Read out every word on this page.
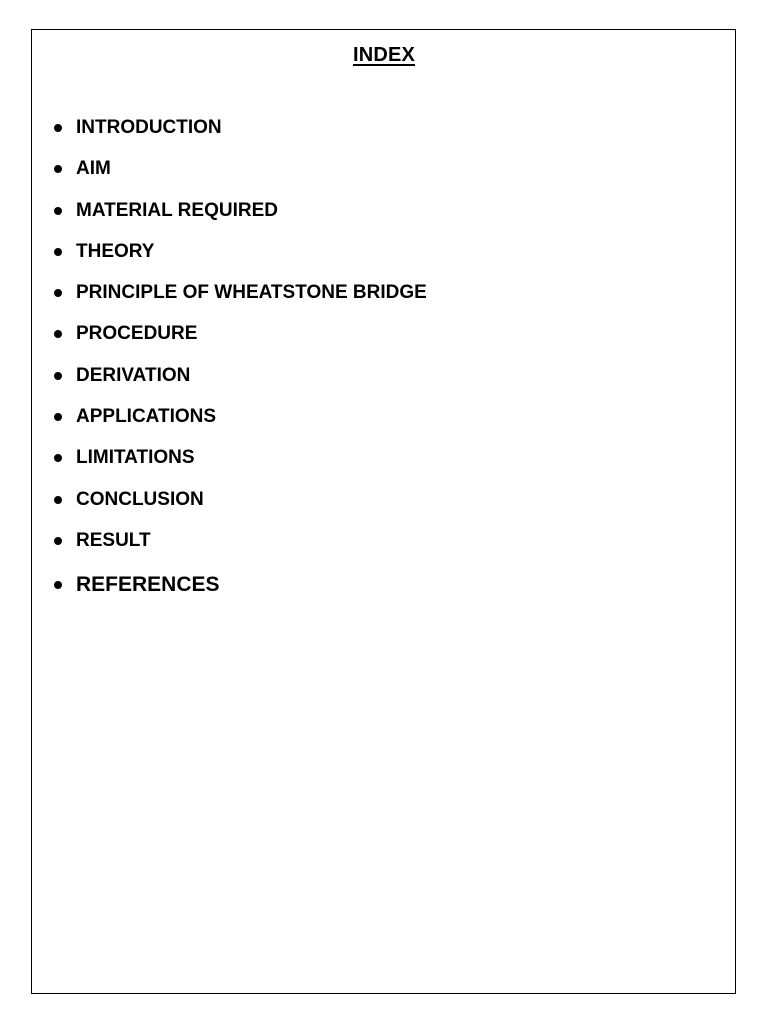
INDEX
INTRODUCTION
AIM
MATERIAL REQUIRED
THEORY
PRINCIPLE OF WHEATSTONE BRIDGE
PROCEDURE
DERIVATION
APPLICATIONS
LIMITATIONS
CONCLUSION
RESULT
REFERENCES
